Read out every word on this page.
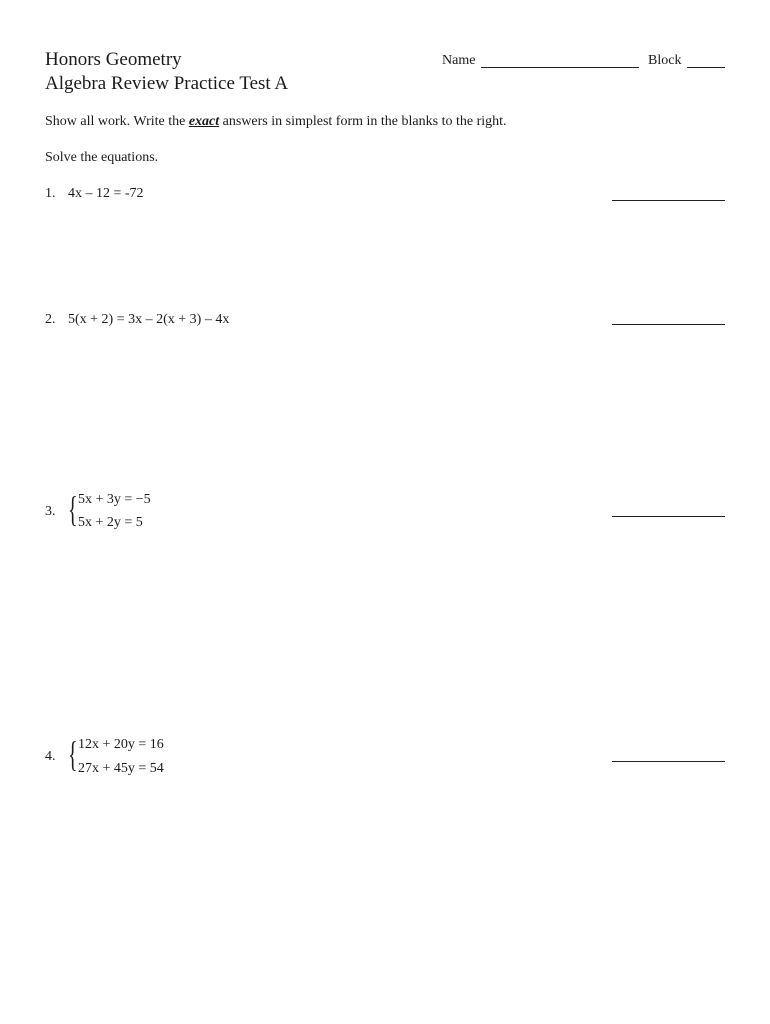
Honors Geometry
Algebra Review Practice Test A
Name	Block
Show all work. Write the exact answers in simplest form in the blanks to the right.
Solve the equations.
1. 4x – 12 = -72
2. 5(x + 2) = 3x – 2(x + 3) – 4x
3. { 5x + 3y = −5
5x + 2y = 5
4. { 12x + 20y = 16
27x + 45y = 54
